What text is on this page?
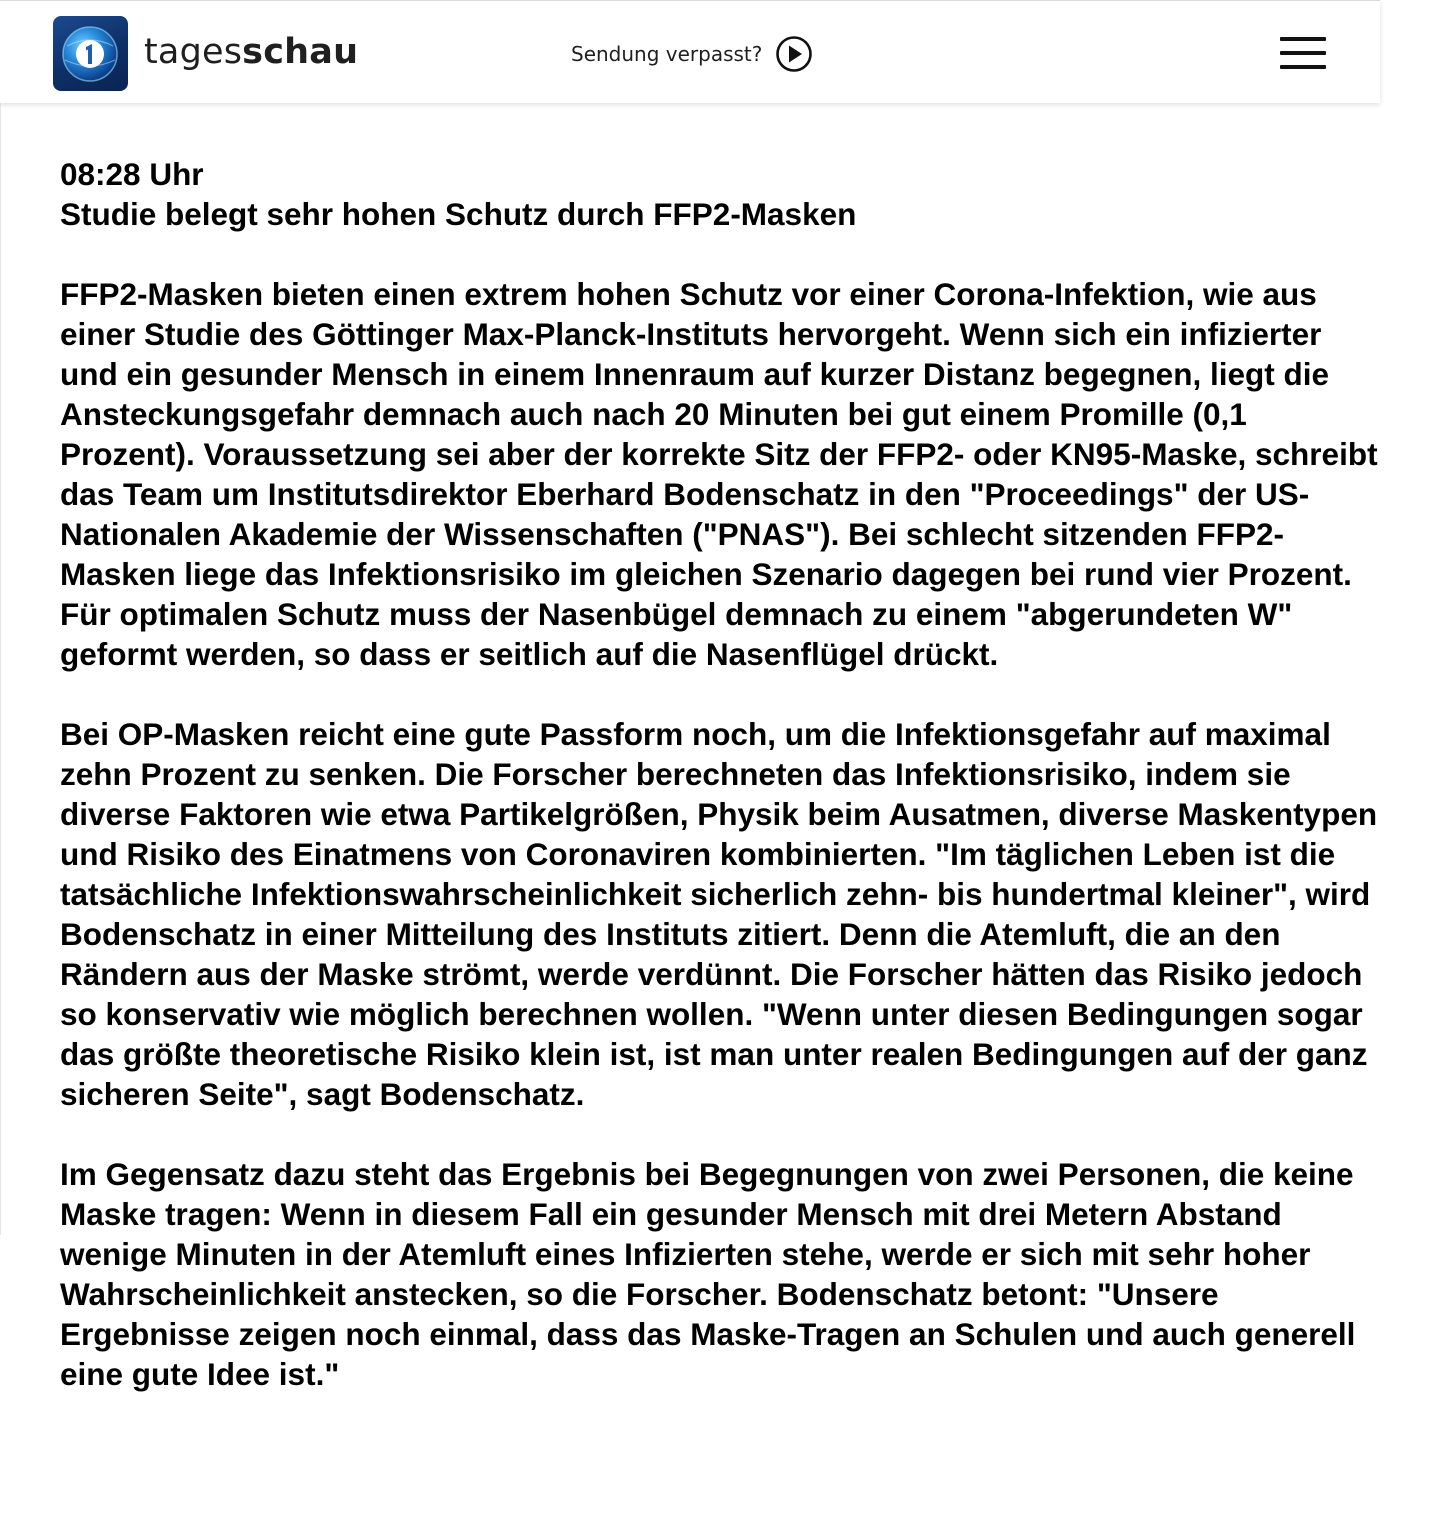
tagesschau	Sendung verpasst?

08:28 Uhr

Studie belegt sehr hohen Schutz durch FFP2-Masken

FFP2-Masken bieten einen extrem hohen Schutz vor einer Corona-Infektion, wie aus einer Studie des Göttinger Max-Planck-Instituts hervorgeht. Wenn sich ein infizierter und ein gesunder Mensch in einem Innenraum auf kurzer Distanz begegnen, liegt die Ansteckungsgefahr demnach auch nach 20 Minuten bei gut einem Promille (0,1 Prozent). Voraussetzung sei aber der korrekte Sitz der FFP2- oder KN95-Maske, schreibt das Team um Institutsdirektor Eberhard Bodenschatz in den "Proceedings" der US-Nationalen Akademie der Wissenschaften ("PNAS"). Bei schlecht sitzenden FFP2-Masken liege das Infektionsrisiko im gleichen Szenario dagegen bei rund vier Prozent. Für optimalen Schutz muss der Nasenbügel demnach zu einem "abgerundeten W" geformt werden, so dass er seitlich auf die Nasenflügel drückt.

Bei OP-Masken reicht eine gute Passform noch, um die Infektionsgefahr auf maximal zehn Prozent zu senken. Die Forscher berechneten das Infektionsrisiko, indem sie diverse Faktoren wie etwa Partikelgrößen, Physik beim Ausatmen, diverse Maskentypen und Risiko des Einatmens von Coronaviren kombinierten. "Im täglichen Leben ist die tatsächliche Infektionswahrscheinlichkeit sicherlich zehn- bis hundertmal kleiner", wird Bodenschatz in einer Mitteilung des Instituts zitiert. Denn die Atemluft, die an den Rändern aus der Maske strömt, werde verdünnt. Die Forscher hätten das Risiko jedoch so konservativ wie möglich berechnen wollen. "Wenn unter diesen Bedingungen sogar das größte theoretische Risiko klein ist, ist man unter realen Bedingungen auf der ganz sicheren Seite", sagt Bodenschatz.

Im Gegensatz dazu steht das Ergebnis bei Begegnungen von zwei Personen, die keine Maske tragen: Wenn in diesem Fall ein gesunder Mensch mit drei Metern Abstand wenige Minuten in der Atemluft eines Infizierten stehe, werde er sich mit sehr hoher Wahrscheinlichkeit anstecken, so die Forscher. Bodenschatz betont: "Unsere Ergebnisse zeigen noch einmal, dass das Maske-Tragen an Schulen und auch generell eine gute Idee ist."
